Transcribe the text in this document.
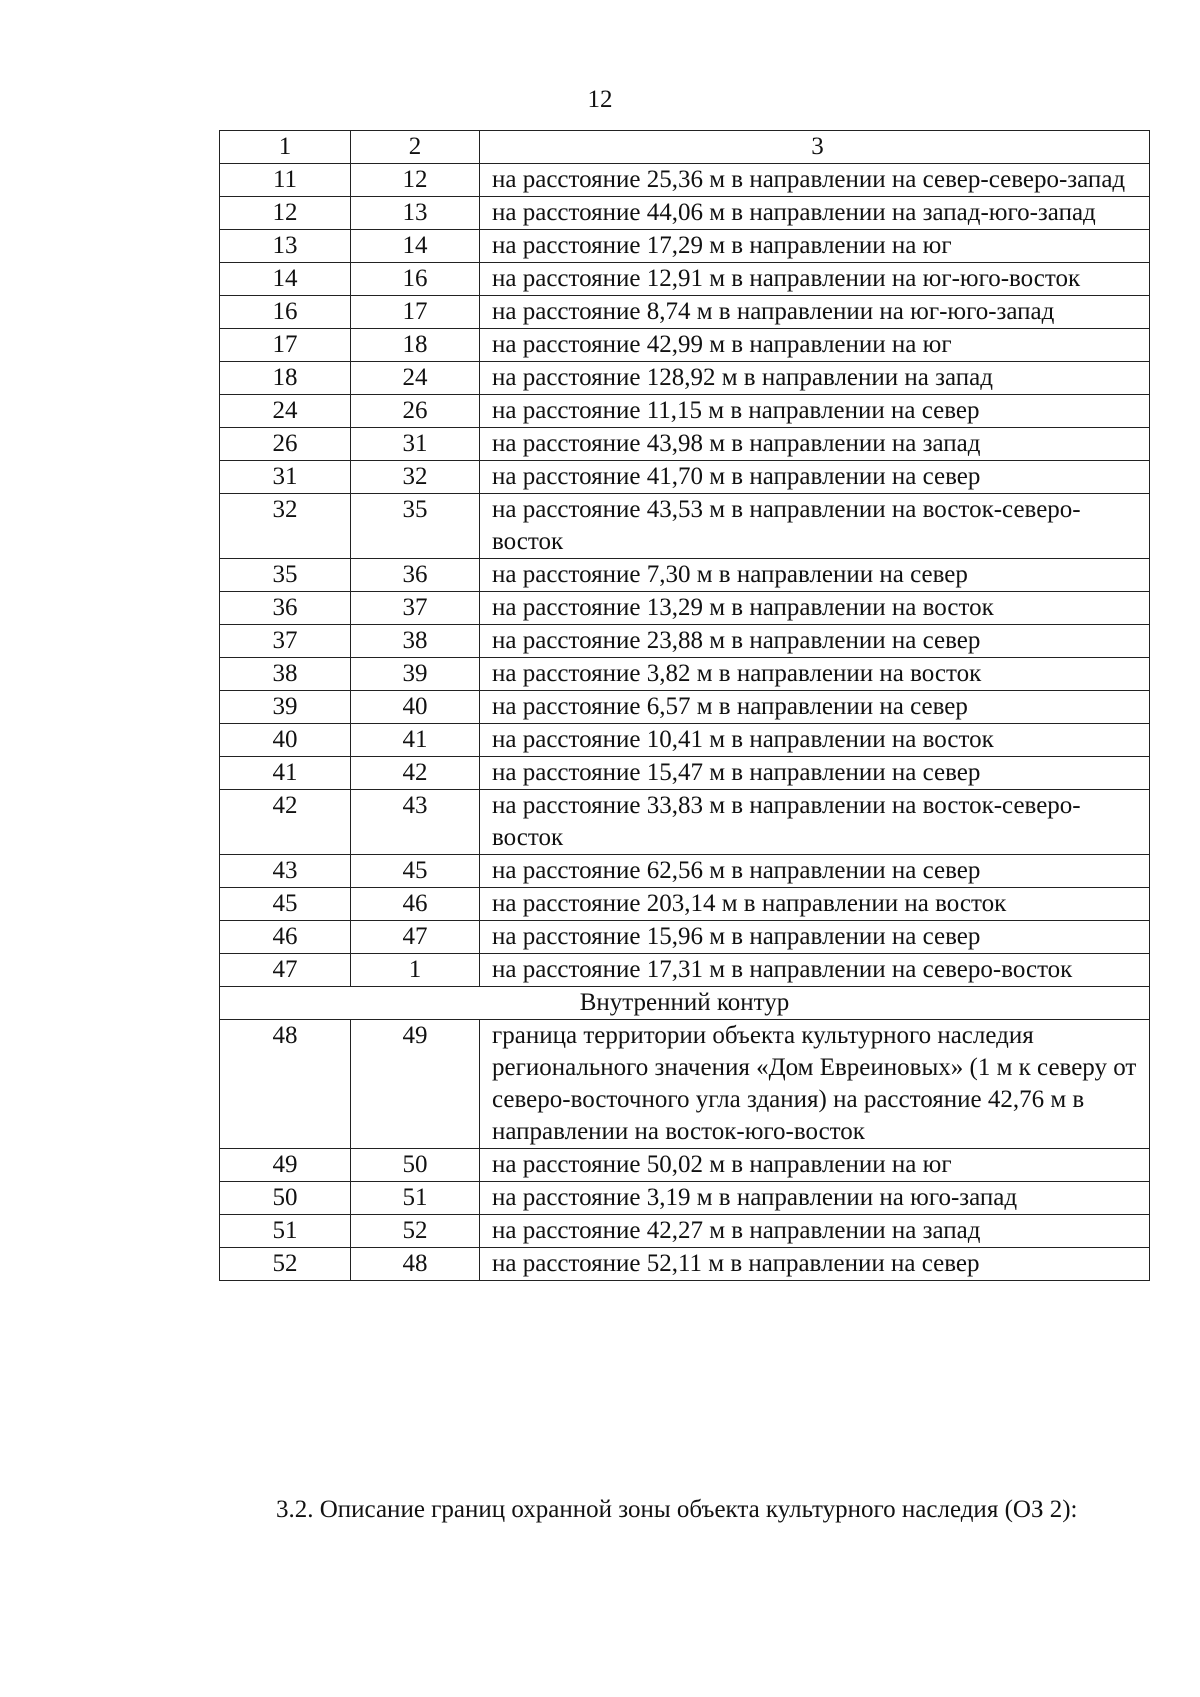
12
1	2	3
11	12	на расстояние 25,36 м в направлении на север-северо-запад
12	13	на расстояние 44,06 м в направлении на запад-юго-запад
13	14	на расстояние 17,29 м в направлении на юг
14	16	на расстояние 12,91 м в направлении на юг-юго-восток
16	17	на расстояние 8,74 м в направлении на юг-юго-запад
17	18	на расстояние 42,99 м в направлении на юг
18	24	на расстояние 128,92 м в направлении на запад
24	26	на расстояние 11,15 м в направлении на север
26	31	на расстояние 43,98 м в направлении на запад
31	32	на расстояние 41,70 м в направлении на север
32	35	на расстояние 43,53 м в направлении на восток-северо-восток
35	36	на расстояние 7,30 м в направлении на север
36	37	на расстояние 13,29 м в направлении на восток
37	38	на расстояние 23,88 м в направлении на север
38	39	на расстояние 3,82 м в направлении на восток
39	40	на расстояние 6,57 м в направлении на север
40	41	на расстояние 10,41 м в направлении на восток
41	42	на расстояние 15,47 м в направлении на север
42	43	на расстояние 33,83 м в направлении на восток-северо-восток
43	45	на расстояние 62,56 м в направлении на север
45	46	на расстояние 203,14 м в направлении на восток
46	47	на расстояние 15,96 м в направлении на север
47	1	на расстояние 17,31 м в направлении на северо-восток
Внутренний контур		
48	49	граница территории объекта культурного наследия регионального значения «Дом Евреиновых» (1 м к северу от северо-восточного угла здания) на расстояние 42,76 м в направлении на восток-юго-восток
49	50	на расстояние 50,02 м в направлении на юг
50	51	на расстояние 3,19 м в направлении на юго-запад
51	52	на расстояние 42,27 м в направлении на запад
52	48	на расстояние 52,11 м в направлении на север
3.2. Описание границ охранной зоны объекта культурного наследия (ОЗ 2):
